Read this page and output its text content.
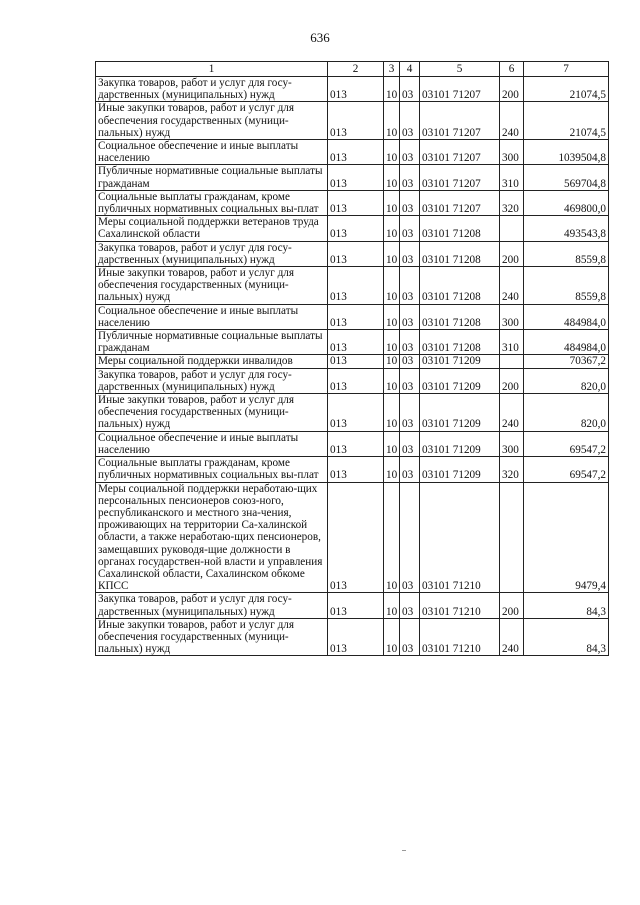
636
1	2	3	4	5	6	7
Закупка товаров, работ и услуг для госу-дарственных (муниципальных) нужд	013	10	03	03101 71207	200	21074,5
Иные закупки товаров, работ и услуг для обеспечения государственных (муници-пальных) нужд	013	10	03	03101 71207	240	21074,5
Социальное обеспечение и иные выплаты населению	013	10	03	03101 71207	300	1039504,8
Публичные нормативные социальные выплаты гражданам	013	10	03	03101 71207	310	569704,8
Социальные выплаты гражданам, кроме публичных нормативных социальных вы-плат	013	10	03	03101 71207	320	469800,0
Меры социальной поддержки ветеранов труда Сахалинской области	013	10	03	03101 71208		493543,8
Закупка товаров, работ и услуг для госу-дарственных (муниципальных) нужд	013	10	03	03101 71208	200	8559,8
Иные закупки товаров, работ и услуг для обеспечения государственных (муници-пальных) нужд	013	10	03	03101 71208	240	8559,8
Социальное обеспечение и иные выплаты населению	013	10	03	03101 71208	300	484984,0
Публичные нормативные социальные выплаты гражданам	013	10	03	03101 71208	310	484984,0
Меры социальной поддержки инвалидов	013	10	03	03101 71209		70367,2
Закупка товаров, работ и услуг для госу-дарственных (муниципальных) нужд	013	10	03	03101 71209	200	820,0
Иные закупки товаров, работ и услуг для обеспечения государственных (муници-пальных) нужд	013	10	03	03101 71209	240	820,0
Социальное обеспечение и иные выплаты населению	013	10	03	03101 71209	300	69547,2
Социальные выплаты гражданам, кроме публичных нормативных социальных вы-плат	013	10	03	03101 71209	320	69547,2
Меры социальной поддержки неработаю-щих персональных пенсионеров союз-ного, республиканского и местного зна-чения, проживающих на территории Са-халинской области, а также неработаю-щих пенсионеров, замещавших руководя-щие должности в органах государствен-ной власти и управления Сахалинской области, Сахалинском обкоме КПСС	013	10	03	03101 71210		9479,4
Закупка товаров, работ и услуг для госу-дарственных (муниципальных) нужд	013	10	03	03101 71210	200	84,3
Иные закупки товаров, работ и услуг для обеспечения государственных (муници-пальных) нужд	013	10	03	03101 71210	240	84,3
